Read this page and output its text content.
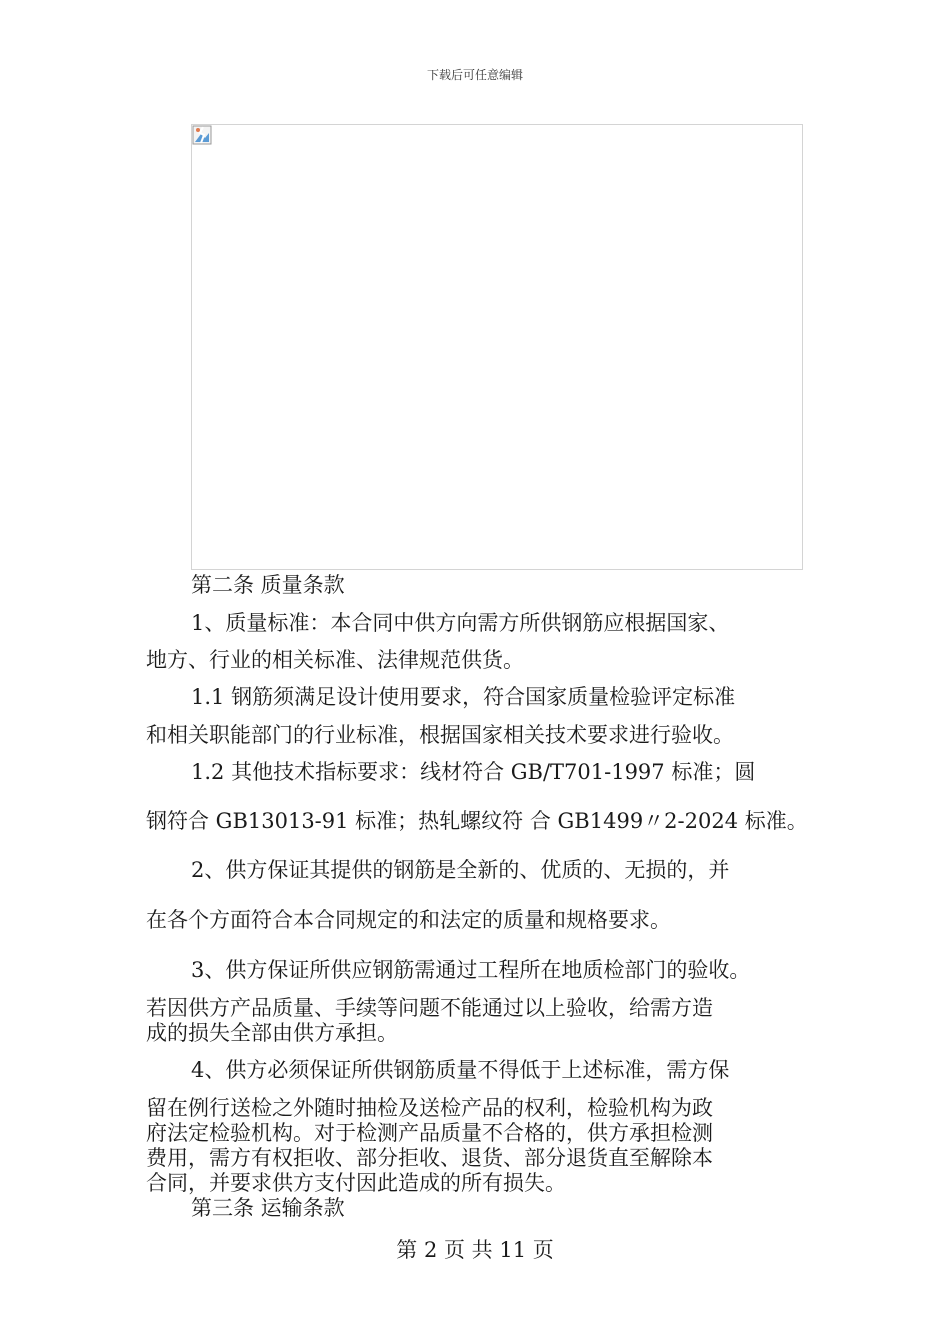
下载后可任意编辑
第二条 质量条款
1、质量标准：本合同中供方向需方所供钢筋应根据国家、
地方、行业的相关标准、法律规范供货。
1.1 钢筋须满足设计使用要求，符合国家质量检验评定标准
和相关职能部门的行业标准，根据国家相关技术要求进行验收。
1.2 其他技术指标要求：线材符合 GB/T701-1997 标准；圆
钢符合 GB13013-91 标准；热轧螺纹符 合 GB1499〃2-2024 标准。
2、供方保证其提供的钢筋是全新的、优质的、无损的，并
在各个方面符合本合同规定的和法定的质量和规格要求。
3、供方保证所供应钢筋需通过工程所在地质检部门的验收。
若因供方产品质量、手续等问题不能通过以上验收，给需方造
成的损失全部由供方承担。
4、供方必须保证所供钢筋质量不得低于上述标准，需方保
留在例行送检之外随时抽检及送检产品的权利，检验机构为政
府法定检验机构。对于检测产品质量不合格的，供方承担检测
费用，需方有权拒收、部分拒收、退货、部分退货直至解除本
合同，并要求供方支付因此造成的所有损失。
第三条 运输条款
第 2 页 共 11 页
